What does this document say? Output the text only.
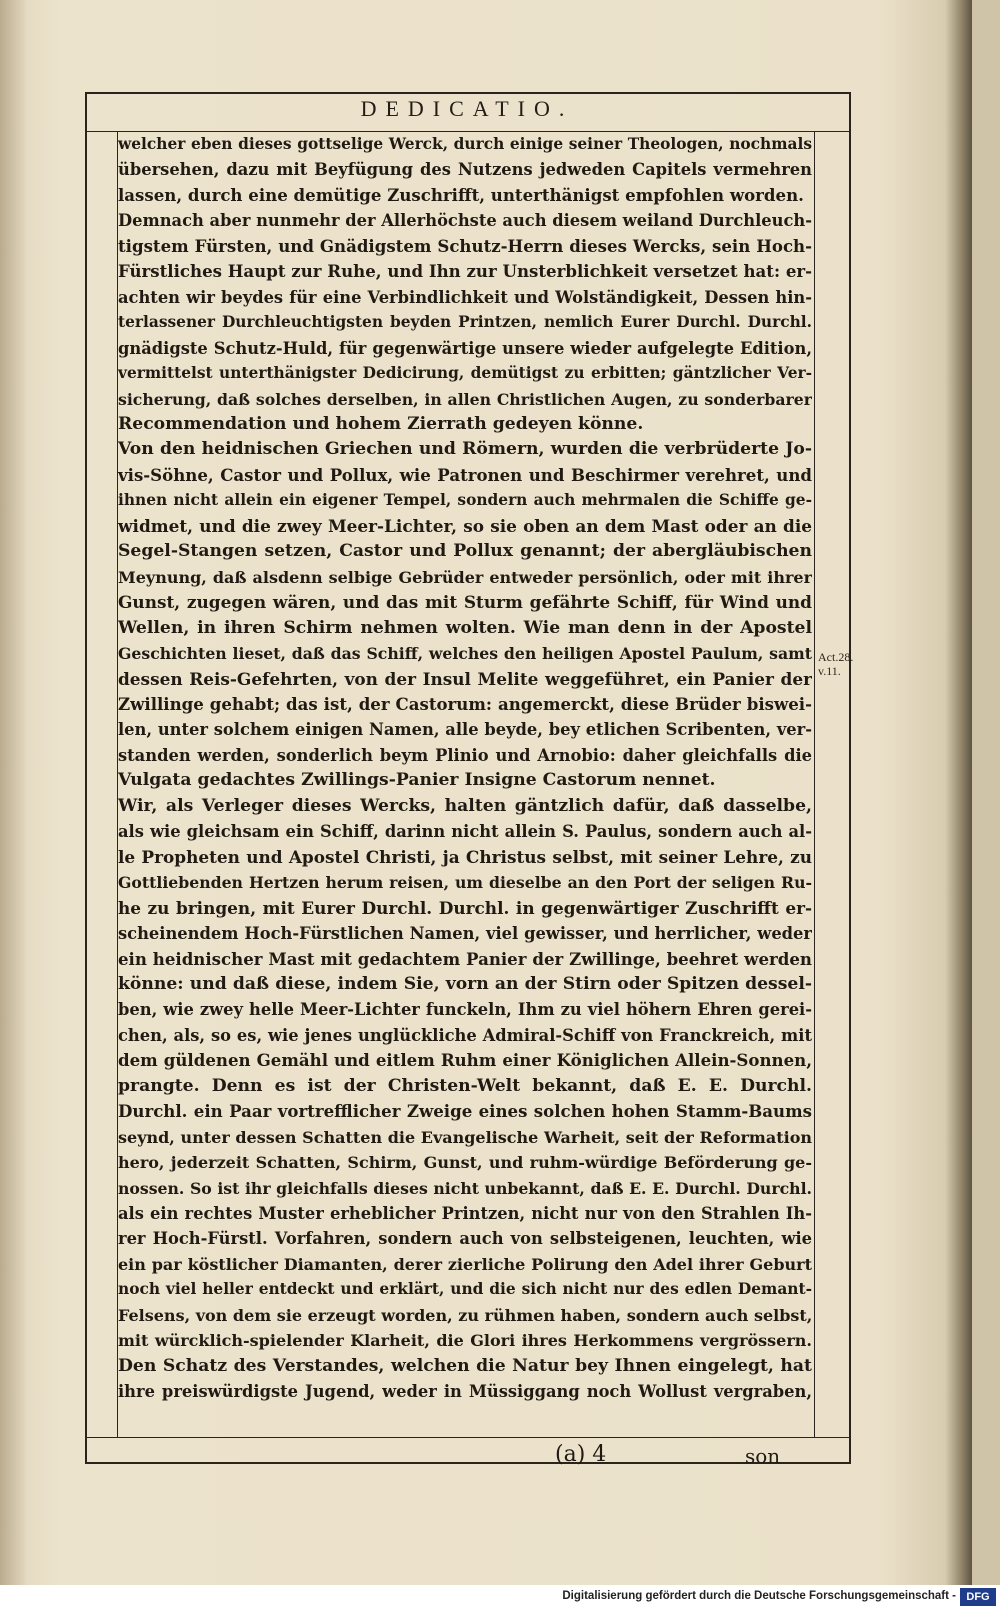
DEDICATIO.
welcher eben dieses gottselige Werck, durch einige seiner Theologen, nochmals
übersehen, dazu mit Beyfügung des Nutzens jedweden Capitels vermehren
lassen, durch eine demütige Zuschrifft, unterthänigst empfohlen worden.
Demnach aber nunmehr der Allerhöchste auch diesem weiland Durchleuch-
tigstem Fürsten, und Gnädigstem Schutz-Herrn dieses Wercks, sein Hoch-
Fürstliches Haupt zur Ruhe, und Ihn zur Unsterblichkeit versetzet hat: er-
achten wir beydes für eine Verbindlichkeit und Wolständigkeit, Dessen hin-
terlassener Durchleuchtigsten beyden Printzen, nemlich Eurer Durchl. Durchl.
gnädigste Schutz-Huld, für gegenwärtige unsere wieder aufgelegte Edition,
vermittelst unterthänigster Dedicirung, demütigst zu erbitten; gäntzlicher Ver-
sicherung, daß solches derselben, in allen Christlichen Augen, zu sonderbarer
Recommendation und hohem Zierrath gedeyen könne.
Von den heidnischen Griechen und Römern, wurden die verbrüderte Jo-
vis-Söhne, Castor und Pollux, wie Patronen und Beschirmer verehret, und
ihnen nicht allein ein eigener Tempel, sondern auch mehrmalen die Schiffe ge-
widmet, und die zwey Meer-Lichter, so sie oben an dem Mast oder an die
Segel-Stangen setzen, Castor und Pollux genannt; der abergläubischen
Meynung, daß alsdenn selbige Gebrüder entweder persönlich, oder mit ihrer
Gunst, zugegen wären, und das mit Sturm gefährte Schiff, für Wind und
Wellen, in ihren Schirm nehmen wolten. Wie man denn in der Apostel
Geschichten lieset, daß das Schiff, welches den heiligen Apostel Paulum, samt
dessen Reis-Gefehrten, von der Insul Melite weggeführet, ein Panier der
Zwillinge gehabt; das ist, der Castorum: angemerckt, diese Brüder biswei-
len, unter solchem einigen Namen, alle beyde, bey etlichen Scribenten, ver-
standen werden, sonderlich beym Plinio und Arnobio: daher gleichfalls die
Vulgata gedachtes Zwillings-Panier Insigne Castorum nennet.
Wir, als Verleger dieses Wercks, halten gäntzlich dafür, daß dasselbe,
als wie gleichsam ein Schiff, darinn nicht allein S. Paulus, sondern auch al-
le Propheten und Apostel Christi, ja Christus selbst, mit seiner Lehre, zu
Gottliebenden Hertzen herum reisen, um dieselbe an den Port der seligen Ru-
he zu bringen, mit Eurer Durchl. Durchl. in gegenwärtiger Zuschrifft er-
scheinendem Hoch-Fürstlichen Namen, viel gewisser, und herrlicher, weder
ein heidnischer Mast mit gedachtem Panier der Zwillinge, beehret werden
könne: und daß diese, indem Sie, vorn an der Stirn oder Spitzen dessel-
ben, wie zwey helle Meer-Lichter funckeln, Ihm zu viel höhern Ehren gerei-
chen, als, so es, wie jenes unglückliche Admiral-Schiff von Franckreich, mit
dem güldenen Gemähl und eitlem Ruhm einer Königlichen Allein-Sonnen,
prangte. Denn es ist der Christen-Welt bekannt, daß E. E. Durchl.
Durchl. ein Paar vortrefflicher Zweige eines solchen hohen Stamm-Baums
seynd, unter dessen Schatten die Evangelische Warheit, seit der Reformation
hero, jederzeit Schatten, Schirm, Gunst, und ruhm-würdige Beförderung ge-
nossen. So ist ihr gleichfalls dieses nicht unbekannt, daß E. E. Durchl. Durchl.
als ein rechtes Muster erheblicher Printzen, nicht nur von den Strahlen Ih-
rer Hoch-Fürstl. Vorfahren, sondern auch von selbsteigenen, leuchten, wie
ein par köstlicher Diamanten, derer zierliche Polirung den Adel ihrer Geburt
noch viel heller entdeckt und erklärt, und die sich nicht nur des edlen Demant-
Felsens, von dem sie erzeugt worden, zu rühmen haben, sondern auch selbst,
mit würcklich-spielender Klarheit, die Glori ihres Herkommens vergrössern.
Den Schatz des Verstandes, welchen die Natur bey Ihnen eingelegt, hat
ihre preiswürdigste Jugend, weder in Müssiggang noch Wollust vergraben,
Act.28.
v.11.
(a) 4	son
Digitalisierung gefördert durch die Deutsche Forschungsgemeinschaft - DFG
